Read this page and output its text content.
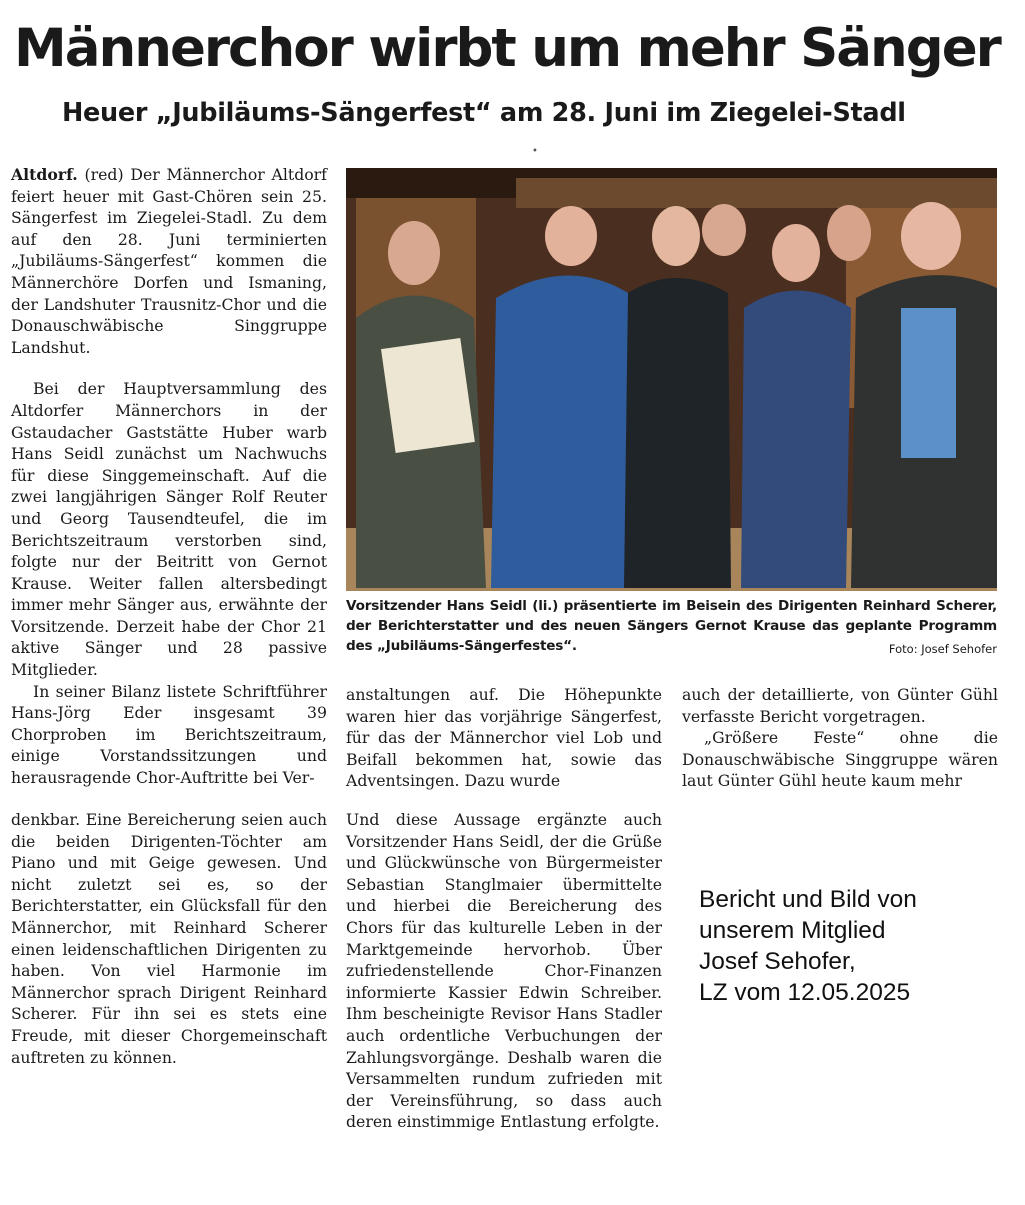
Männerchor wirbt um mehr Sänger
Heuer „Jubiläums-Sängerfest“ am 28. Juni im Ziegelei-Stadl
•

Altdorf. (red) Der Männerchor Altdorf feiert heuer mit Gast-Chören sein 25. Sängerfest im Ziegelei-Stadl. Zu dem auf den 28. Juni terminierten „Jubiläums-Sängerfest“ kommen die Männerchöre Dorfen und Ismaning, der Landshuter Trausnitz-Chor und die Donauschwäbische Singgruppe Landshut.

Bei der Hauptversammlung des Altdorfer Männerchors in der Gstaudacher Gaststätte Huber warb Hans Seidl zunächst um Nachwuchs für diese Singgemeinschaft. Auf die zwei langjährigen Sänger Rolf Reuter und Georg Tausendteufel, die im Berichtszeitraum verstorben sind, folgte nur der Beitritt von Gernot Krause. Weiter fallen altersbedingt immer mehr Sänger aus, erwähnte der Vorsitzende. Derzeit habe der Chor 21 aktive Sänger und 28 passive Mitglieder.

In seiner Bilanz listete Schriftführer Hans-Jörg Eder insgesamt 39 Chorproben im Berichtszeitraum, einige Vorstandssitzungen und herausragende Chor-Auftritte bei Ver-

Vorsitzender Hans Seidl (li.) präsentierte im Beisein des Dirigenten Reinhard Scherer, der Berichterstatter und des neuen Sängers Gernot Krause das geplante Programm des „Jubiläums-Sängerfestes“.	Foto: Josef Sehofer

anstaltungen auf. Die Höhepunkte waren hier das vorjährige Sängerfest, für das der Männerchor viel Lob und Beifall bekommen hat, sowie das Adventsingen. Dazu wurde

auch der detaillierte, von Günter Gühl verfasste Bericht vorgetragen.

„Größere Feste“ ohne die Donauschwäbische Singgruppe wären laut Günter Gühl heute kaum mehr

denkbar. Eine Bereicherung seien auch die beiden Dirigenten-Töchter am Piano und mit Geige gewesen. Und nicht zuletzt sei es, so der Berichterstatter, ein Glücksfall für den Männerchor, mit Reinhard Scherer einen leidenschaftlichen Dirigenten zu haben. Von viel Harmonie im Männerchor sprach Dirigent Reinhard Scherer. Für ihn sei es stets eine Freude, mit dieser Chorgemeinschaft auftreten zu können.

Und diese Aussage ergänzte auch Vorsitzender Hans Seidl, der die Grüße und Glückwünsche von Bürgermeister Sebastian Stanglmaier übermittelte und hierbei die Bereicherung des Chors für das kulturelle Leben in der Marktgemeinde hervorhob. Über zufriedenstellende Chor-Finanzen informierte Kassier Edwin Schreiber. Ihm bescheinigte Revisor Hans Stadler auch ordentliche Verbuchungen der Zahlungsvorgänge. Deshalb waren die Versammelten rundum zufrieden mit der Vereinsführung, so dass auch deren einstimmige Entlastung erfolgte.

Bericht und Bild von
unserem Mitglied
Josef Sehofer,
LZ vom 12.05.2025
